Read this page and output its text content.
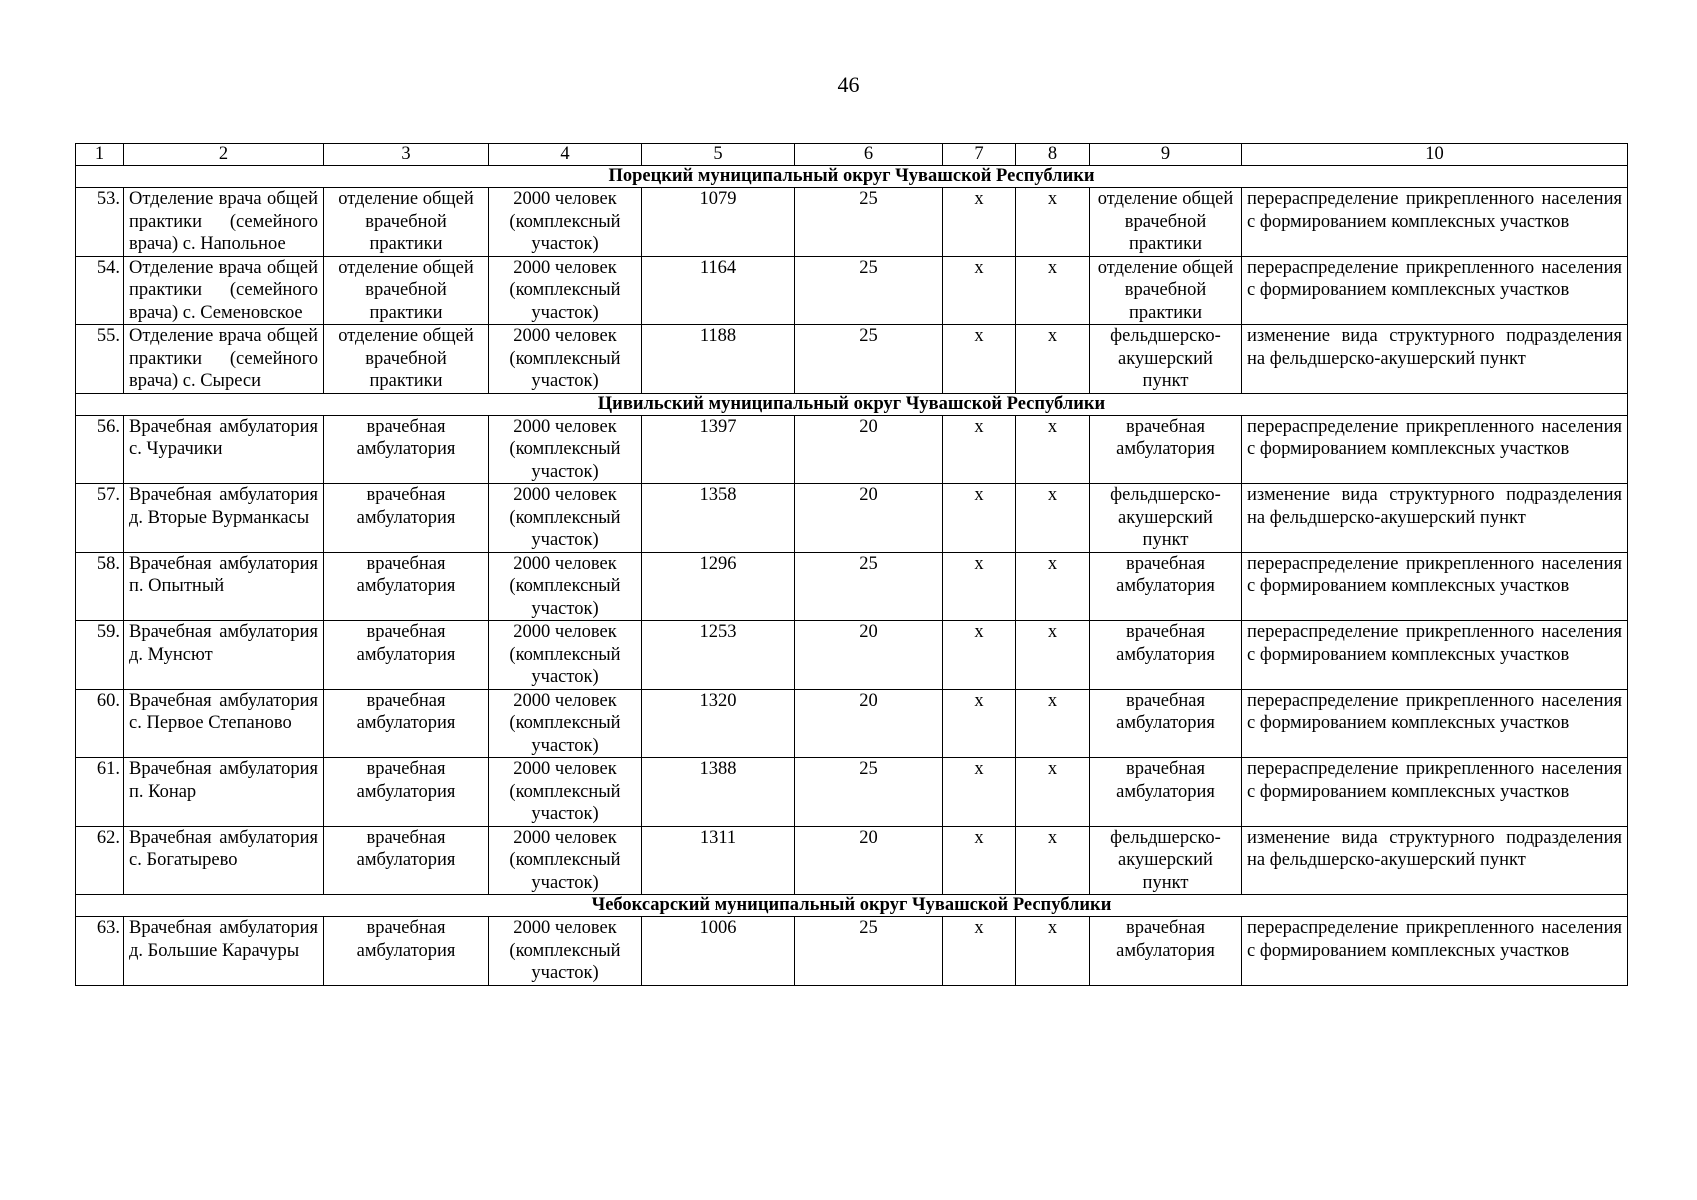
46
1	2	3	4	5	6	7	8	9	10
Порецкий муниципальный округ Чувашской Республики									
53.	Отделение врача общей практики (семейного врача) с. Напольное	отделение общей врачебной практики	2000 человек (комплексный участок)	1079	25	х	х	отделение общей врачебной практики	перераспределение прикрепленного населения с формированием комплексных участков
54.	Отделение врача общей практики (семейного врача) с. Семеновское	отделение общей врачебной практики	2000 человек (комплексный участок)	1164	25	х	х	отделение общей врачебной практики	перераспределение прикрепленного населения с формированием комплексных участков
55.	Отделение врача общей практики (семейного врача) с. Сыреси	отделение общей врачебной практики	2000 человек (комплексный участок)	1188	25	х	х	фельдшерско-акушерский пункт	изменение вида структурного подразделения на фельдшерско-акушерский пункт
Цивильский муниципальный округ Чувашской Республики									
56.	Врачебная амбулатория с. Чурачики	врачебная амбулатория	2000 человек (комплексный участок)	1397	20	х	х	врачебная амбулатория	перераспределение прикрепленного населения с формированием комплексных участков
57.	Врачебная амбулатория д. Вторые Вурманкасы	врачебная амбулатория	2000 человек (комплексный участок)	1358	20	х	х	фельдшерско-акушерский пункт	изменение вида структурного подразделения на фельдшерско-акушерский пункт
58.	Врачебная амбулатория п. Опытный	врачебная амбулатория	2000 человек (комплексный участок)	1296	25	х	х	врачебная амбулатория	перераспределение прикрепленного населения с формированием комплексных участков
59.	Врачебная амбулатория д. Мунсют	врачебная амбулатория	2000 человек (комплексный участок)	1253	20	х	х	врачебная амбулатория	перераспределение прикрепленного населения с формированием комплексных участков
60.	Врачебная амбулатория с. Первое Степаново	врачебная амбулатория	2000 человек (комплексный участок)	1320	20	х	х	врачебная амбулатория	перераспределение прикрепленного населения с формированием комплексных участков
61.	Врачебная амбулатория п. Конар	врачебная амбулатория	2000 человек (комплексный участок)	1388	25	х	х	врачебная амбулатория	перераспределение прикрепленного населения с формированием комплексных участков
62.	Врачебная амбулатория с. Богатырево	врачебная амбулатория	2000 человек (комплексный участок)	1311	20	х	х	фельдшерско-акушерский пункт	изменение вида структурного подразделения на фельдшерско-акушерский пункт
Чебоксарский муниципальный округ Чувашской Республики									
63.	Врачебная амбулатория д. Большие Карачуры	врачебная амбулатория	2000 человек (комплексный участок)	1006	25	х	х	врачебная амбулатория	перераспределение прикрепленного населения с формированием комплексных участков
